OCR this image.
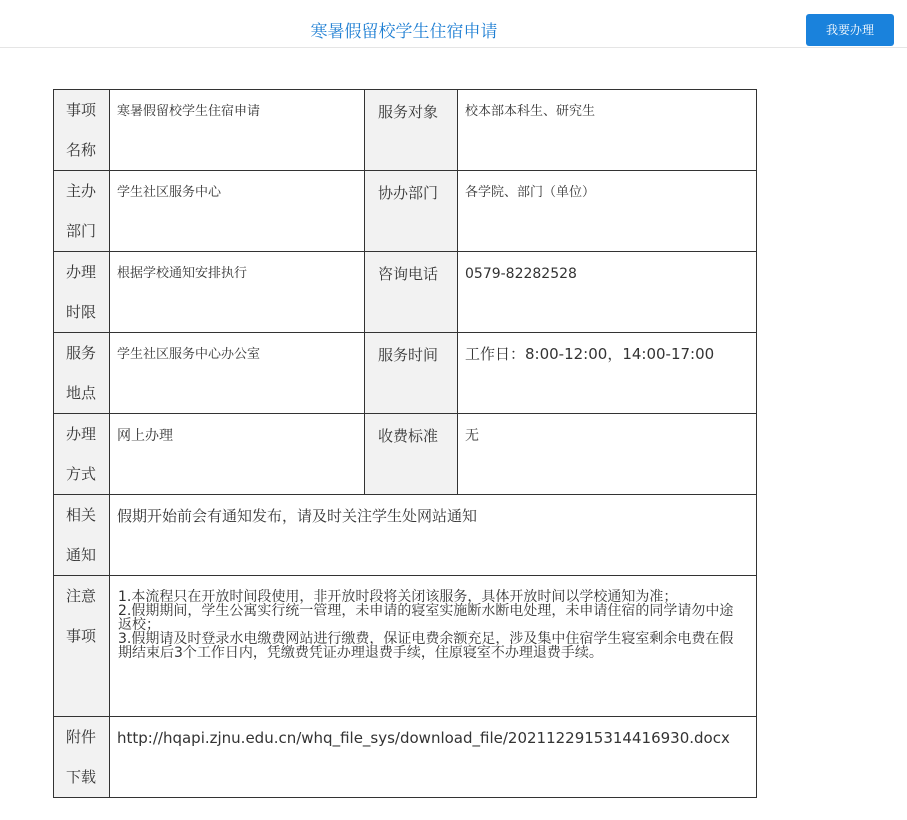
寒暑假留校学生住宿申请	我要办理
事项名称	寒暑假留校学生住宿申请	服务对象	校本部本科生、研究生
主办部门	学生社区服务中心	协办部门	各学院、部门（单位）
办理时限	根据学校通知安排执行	咨询电话	0579-82282528
服务地点	学生社区服务中心办公室	服务时间	工作日：8:00-12:00，14:00-17:00
办理方式	网上办理	收费标准	无
相关通知	假期开始前会有通知发布，请及时关注学生处网站通知		
注意事项	1.本流程只在开放时间段使用，非开放时段将关闭该服务，具体开放时间以学校通知为准；
2.假期期间，学生公寓实行统一管理，未申请的寝室实施断水断电处理，未申请住宿的同学请勿中途返校；
3.假期请及时登录水电缴费网站进行缴费，保证电费余额充足，涉及集中住宿学生寝室剩余电费在假期结束后3个工作日内，凭缴费凭证办理退费手续，住原寝室不办理退费手续。		

附件下载	http://hqapi.zjnu.edu.cn/whq_file_sys/download_file/2021122915314416930.docx		
